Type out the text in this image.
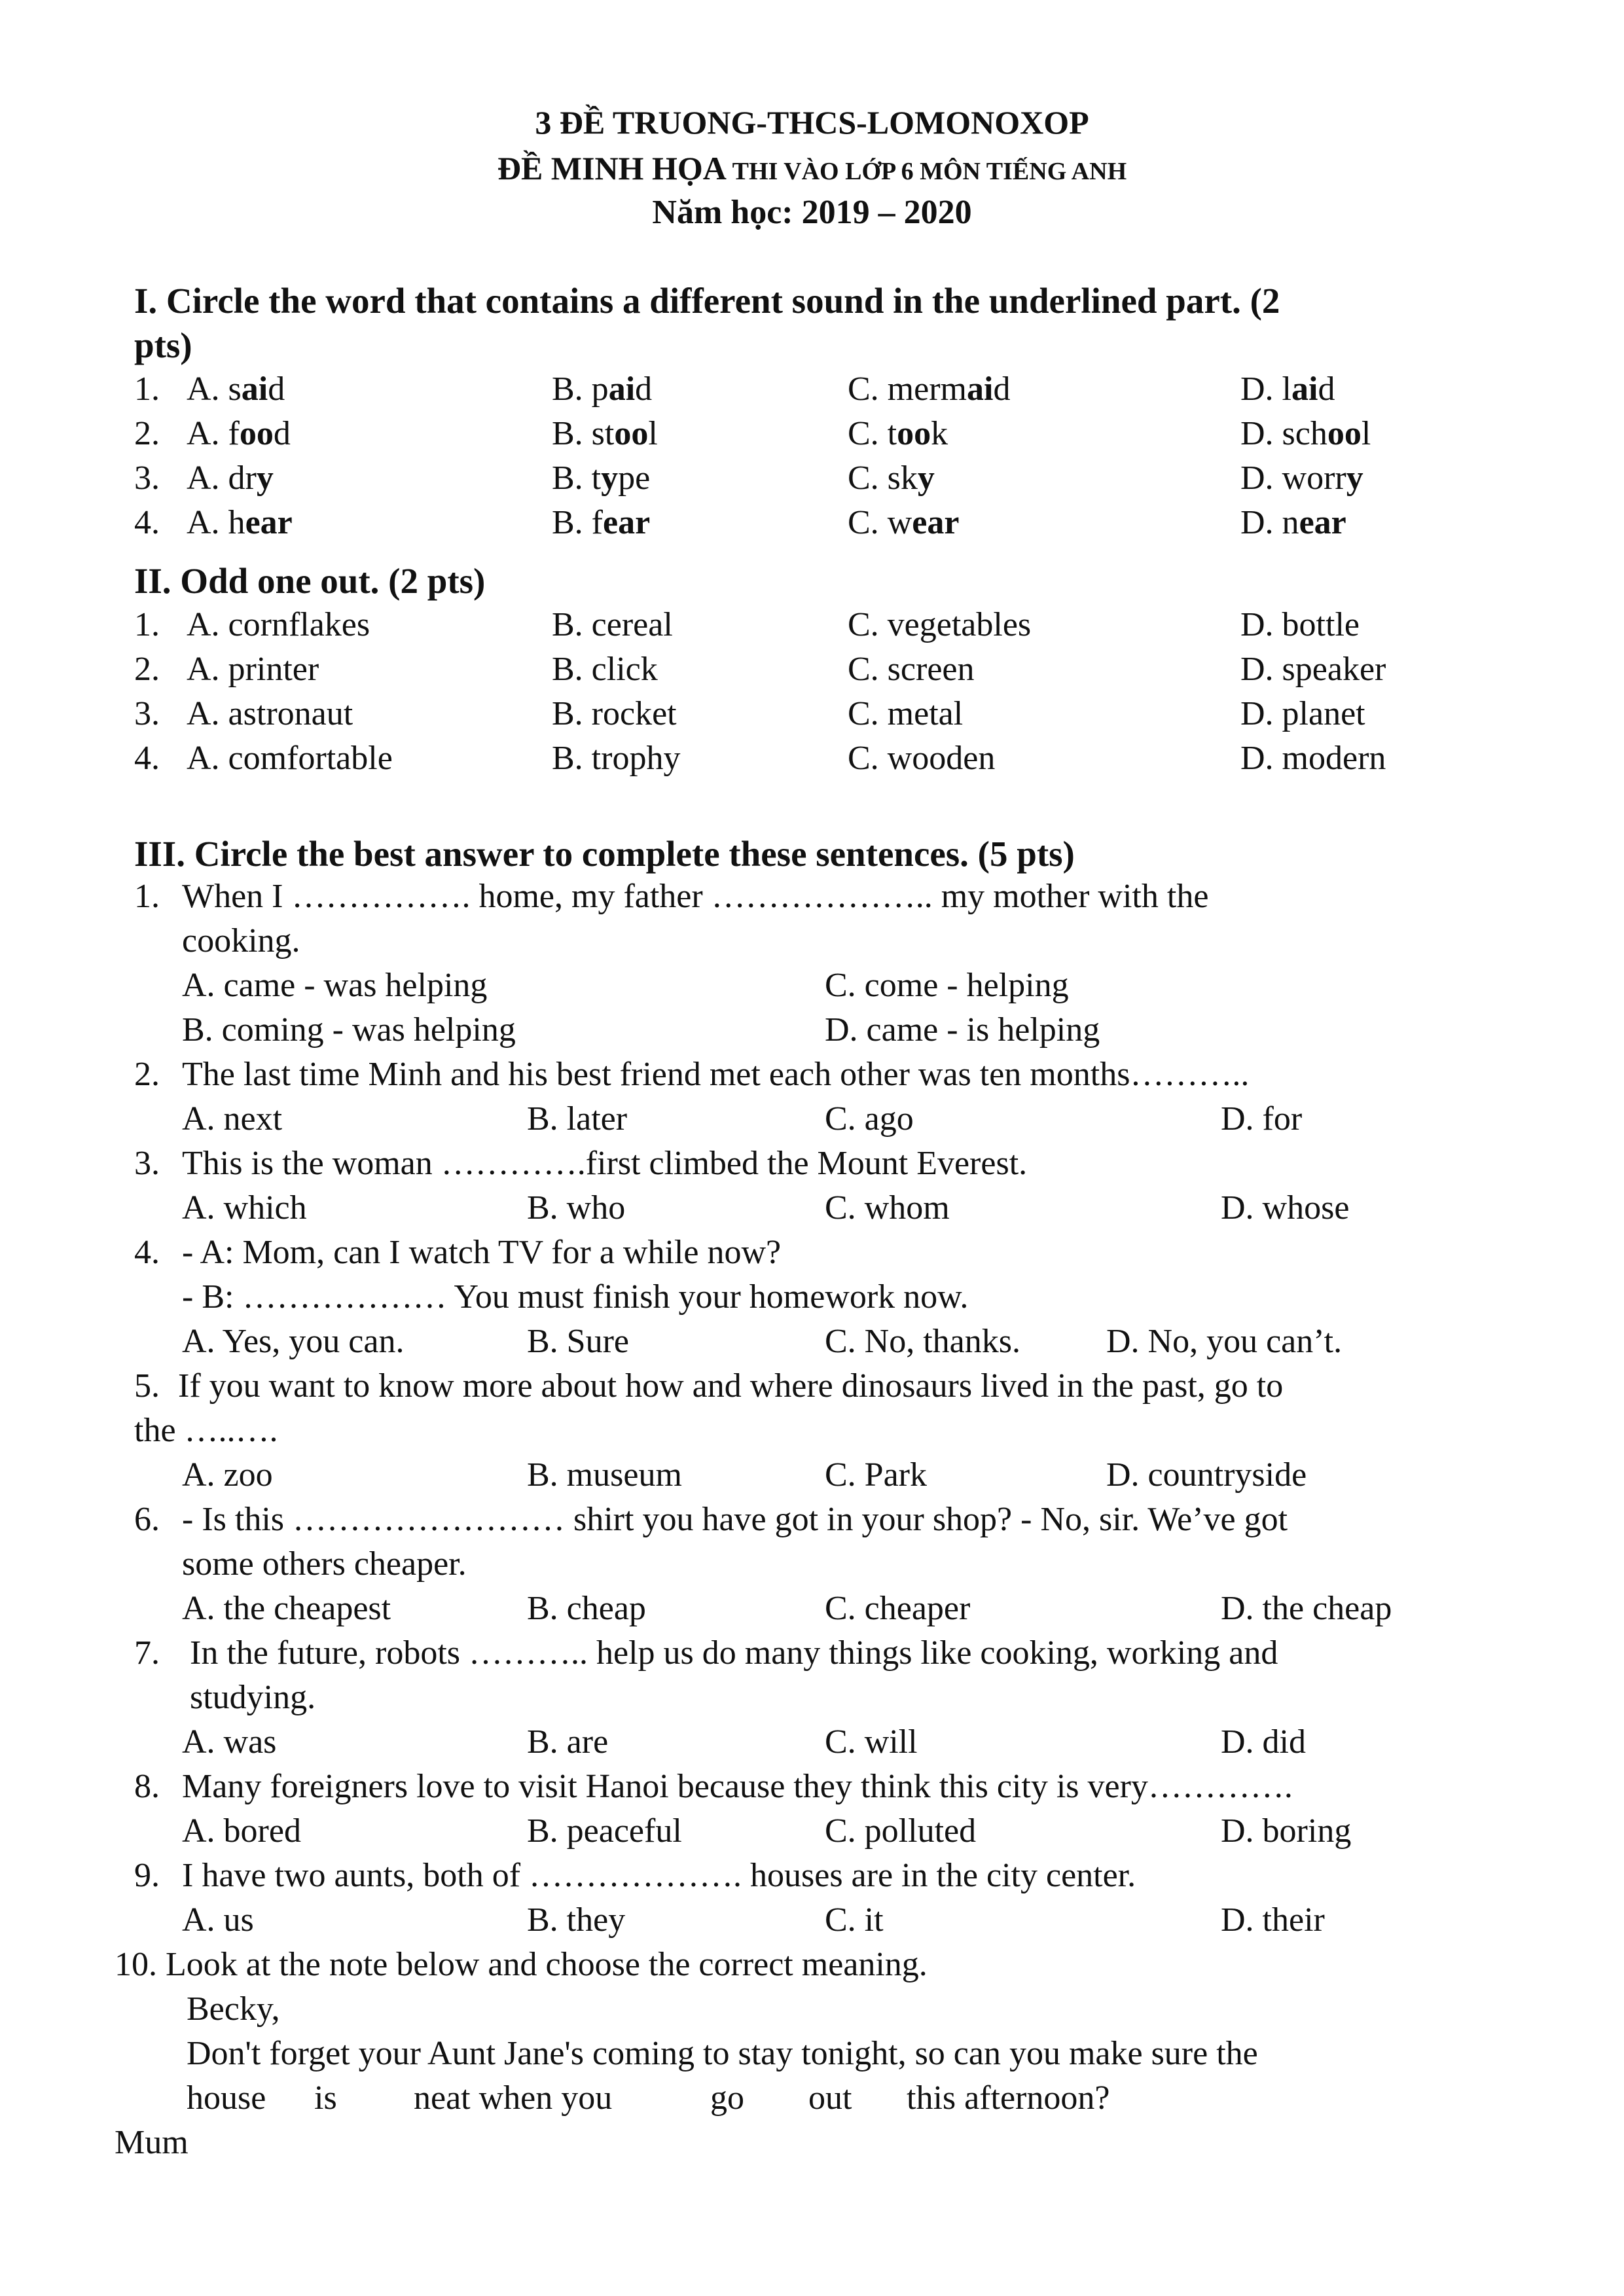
3 ĐỀ TRUONG-THCS-LOMONOXOP
ĐỀ MINH HỌA THI VÀO LỚP 6 MÔN TIẾNG ANH
Năm học: 2019 – 2020
I. Circle the word that contains a different sound in the underlined part. (2
pts)
1. A. said	B. paid	C. mermaid	D. laid
2. A. food	B. stool	C. took	D. school
3. A. dry	B. type	C. sky	D. worry
4. A. hear	B. fear	C. wear	D. near
II. Odd one out. (2 pts)
1. A. cornflakes	B. cereal	C. vegetables	D. bottle
2. A. printer	B. click	C. screen	D. speaker
3. A. astronaut	B. rocket	C. metal	D. planet
4. A. comfortable	B. trophy	C. wooden	D. modern
III. Circle the best answer to complete these sentences. (5 pts)
1. When I ……………. home, my father ……………….. my mother with the
cooking.
A. came - was helping	C. come - helping
B. coming - was helping	D. came - is helping
2. The last time Minh and his best friend met each other was ten months………..
A. next	B. later	C. ago	D. for
3. This is the woman ………….first climbed the Mount Everest.
A. which	B. who	C. whom	D. whose
4. - A: Mom, can I watch TV for a while now?
- B: ……………… You must finish your homework now.
A. Yes, you can.	B. Sure	C. No, thanks.	D. No, you can’t.
5. If you want to know more about how and where dinosaurs lived in the past, go to
the …..….
A. zoo	B. museum	C. Park	D. countryside
6. - Is this …………………… shirt you have got in your shop? - No, sir. We’ve got
some others cheaper.
A. the cheapest	B. cheap	C. cheaper	D. the cheap
7. In the future, robots ……….. help us do many things like cooking, working and
studying.
A. was	B. are	C. will	D. did
8. Many foreigners love to visit Hanoi because they think this city is very………….
A. bored	B. peaceful	C. polluted	D. boring
9. I have two aunts, both of ………………. houses are in the city center.
A. us	B. they	C. it	D. their
10. Look at the note below and choose the correct meaning.
Becky,
Don't forget your Aunt Jane's coming to stay tonight, so can you make sure the
house is neat when you	go out this afternoon?
Mum
